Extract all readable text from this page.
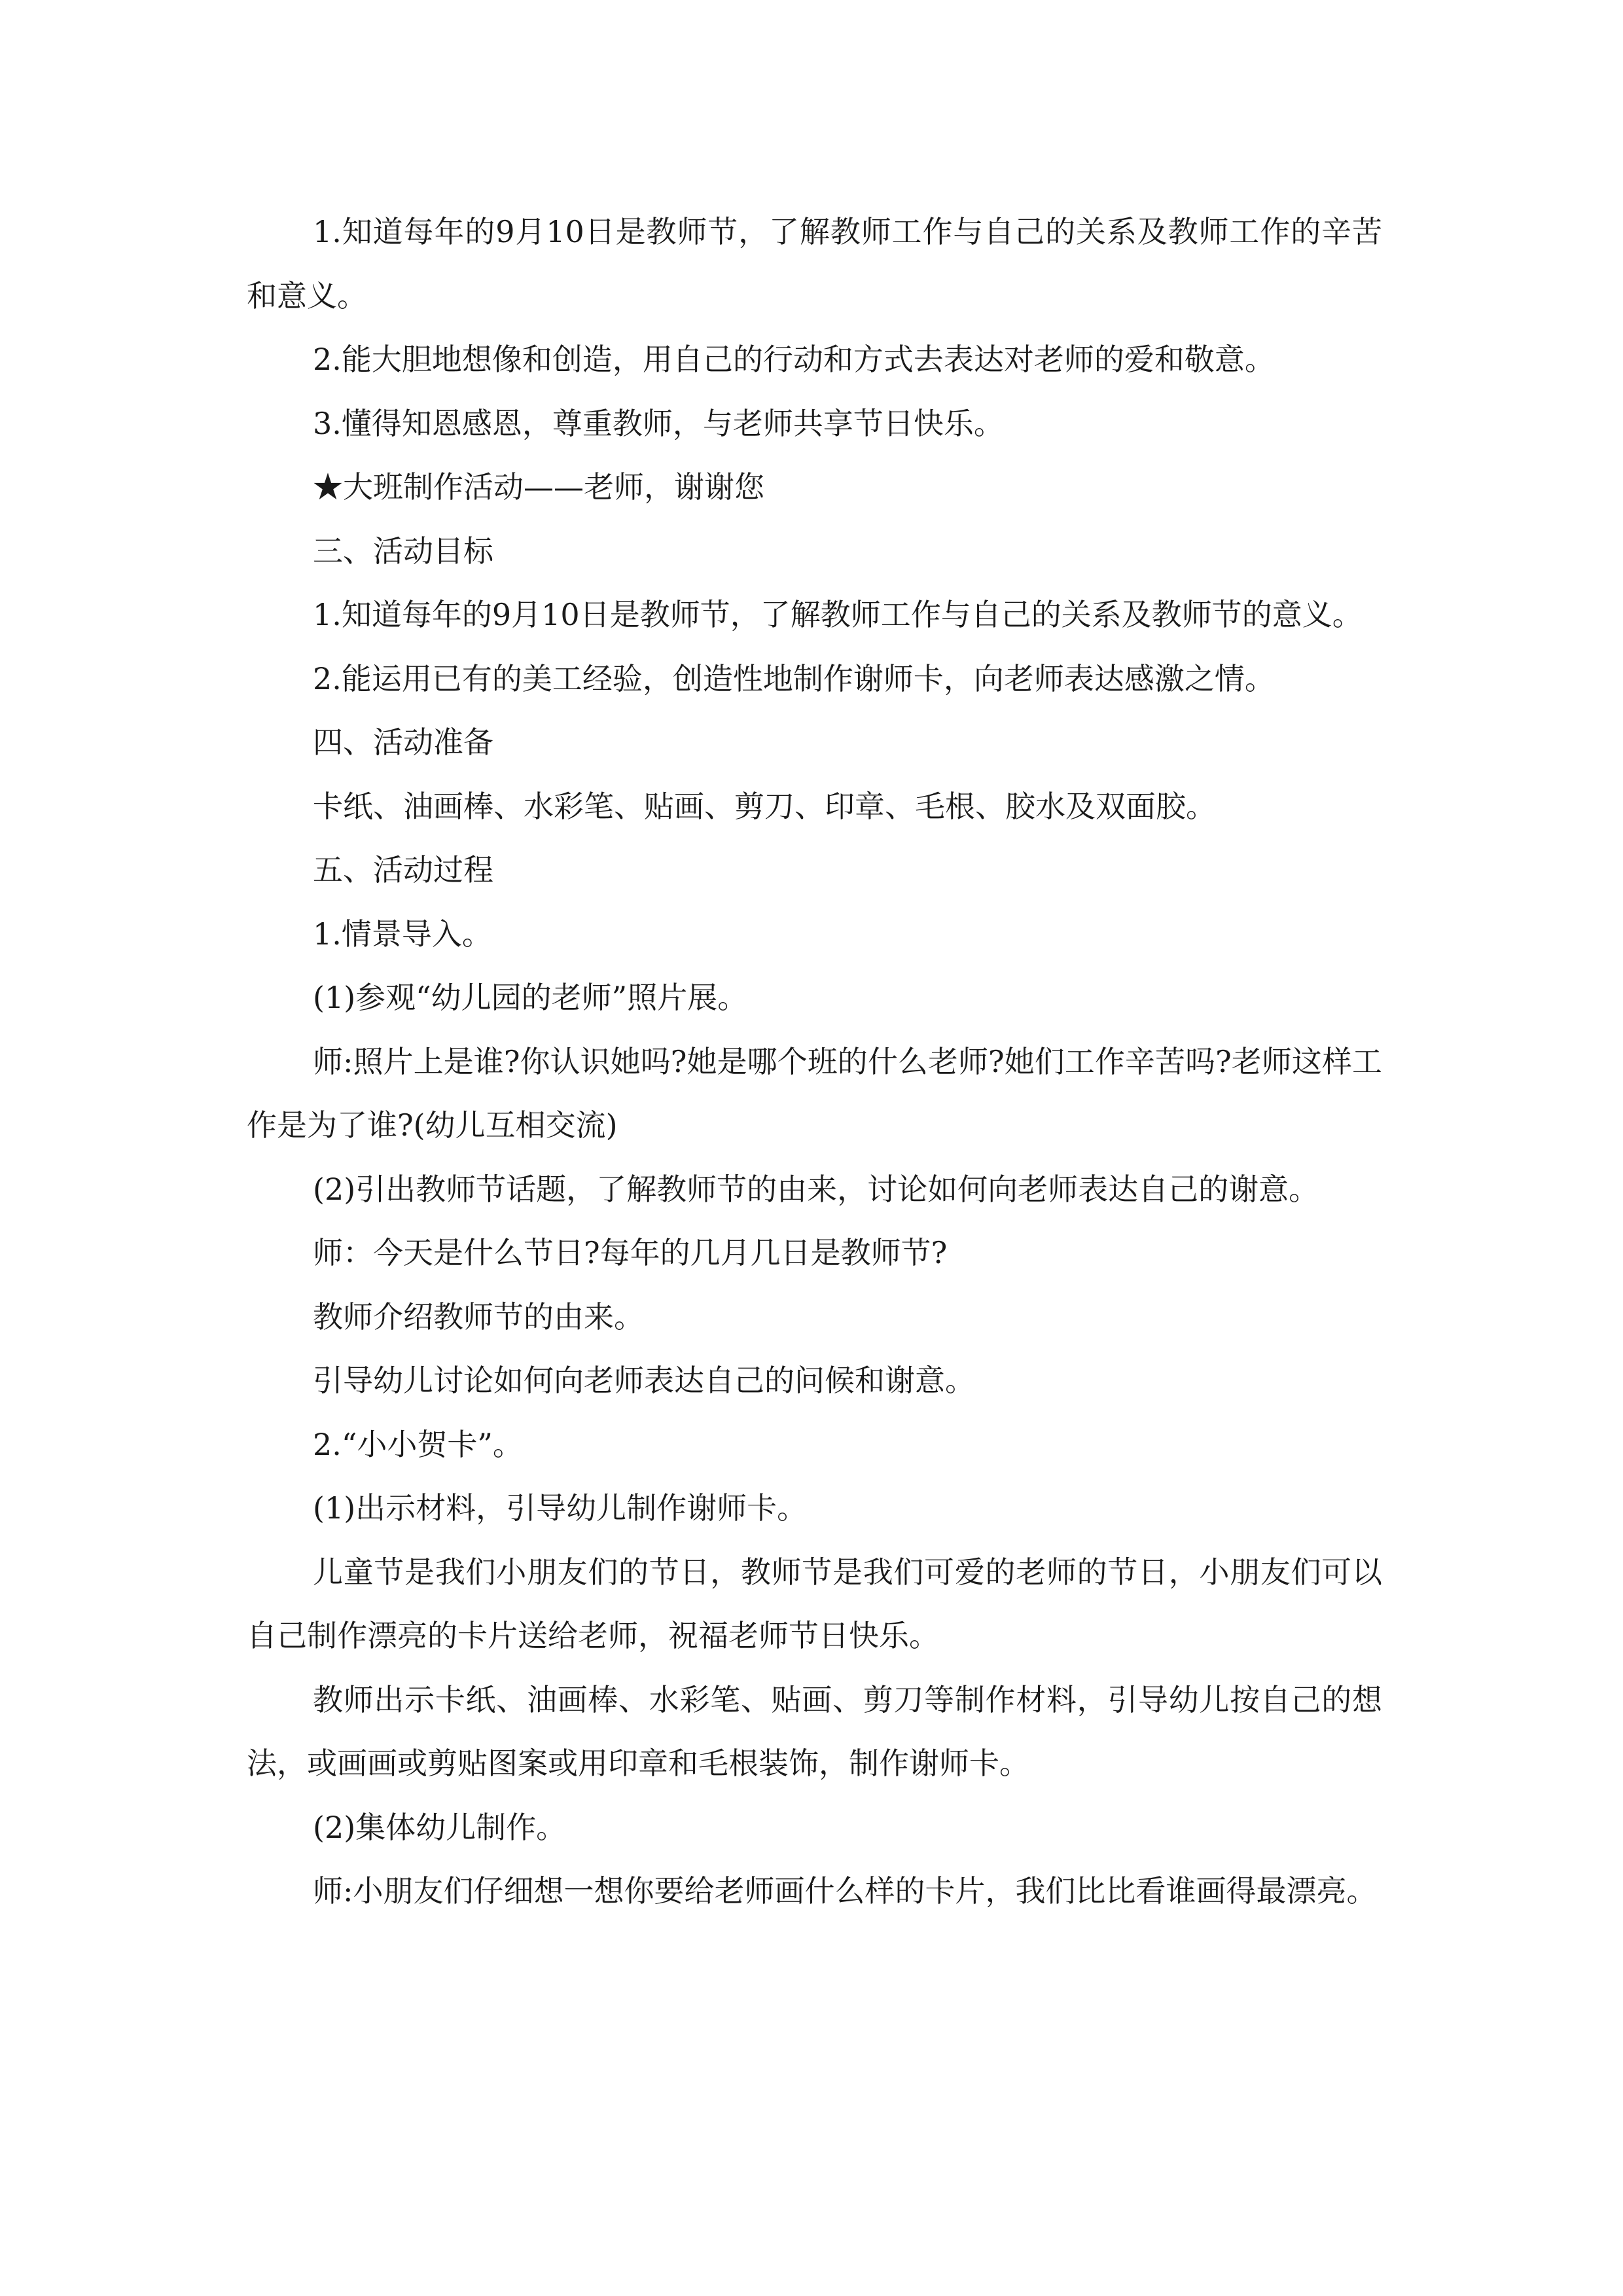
1.知道每年的9月10日是教师节，了解教师工作与自己的关系及教师工作的辛苦和意义。

2.能大胆地想像和创造，用自己的行动和方式去表达对老师的爱和敬意。

3.懂得知恩感恩，尊重教师，与老师共享节日快乐。

★大班制作活动——老师，谢谢您

三、活动目标

1.知道每年的9月10日是教师节，了解教师工作与自己的关系及教师节的意义。

2.能运用已有的美工经验，创造性地制作谢师卡，向老师表达感激之情。

四、活动准备

卡纸、油画棒、水彩笔、贴画、剪刀、印章、毛根、胶水及双面胶。

五、活动过程

1.情景导入。

(1)参观“幼儿园的老师”照片展。

师:照片上是谁?你认识她吗?她是哪个班的什么老师?她们工作辛苦吗?老师这样工作是为了谁?(幼儿互相交流)

(2)引出教师节话题，了解教师节的由来，讨论如何向老师表达自己的谢意。

师：今天是什么节日?每年的几月几日是教师节?

教师介绍教师节的由来。

引导幼儿讨论如何向老师表达自己的问候和谢意。

2.“小小贺卡”。

(1)出示材料，引导幼儿制作谢师卡。

儿童节是我们小朋友们的节日，教师节是我们可爱的老师的节日，小朋友们可以自己制作漂亮的卡片送给老师，祝福老师节日快乐。

教师出示卡纸、油画棒、水彩笔、贴画、剪刀等制作材料，引导幼儿按自己的想法，或画画或剪贴图案或用印章和毛根装饰，制作谢师卡。

(2)集体幼儿制作。

师:小朋友们仔细想一想你要给老师画什么样的卡片，我们比比看谁画得最漂亮。
